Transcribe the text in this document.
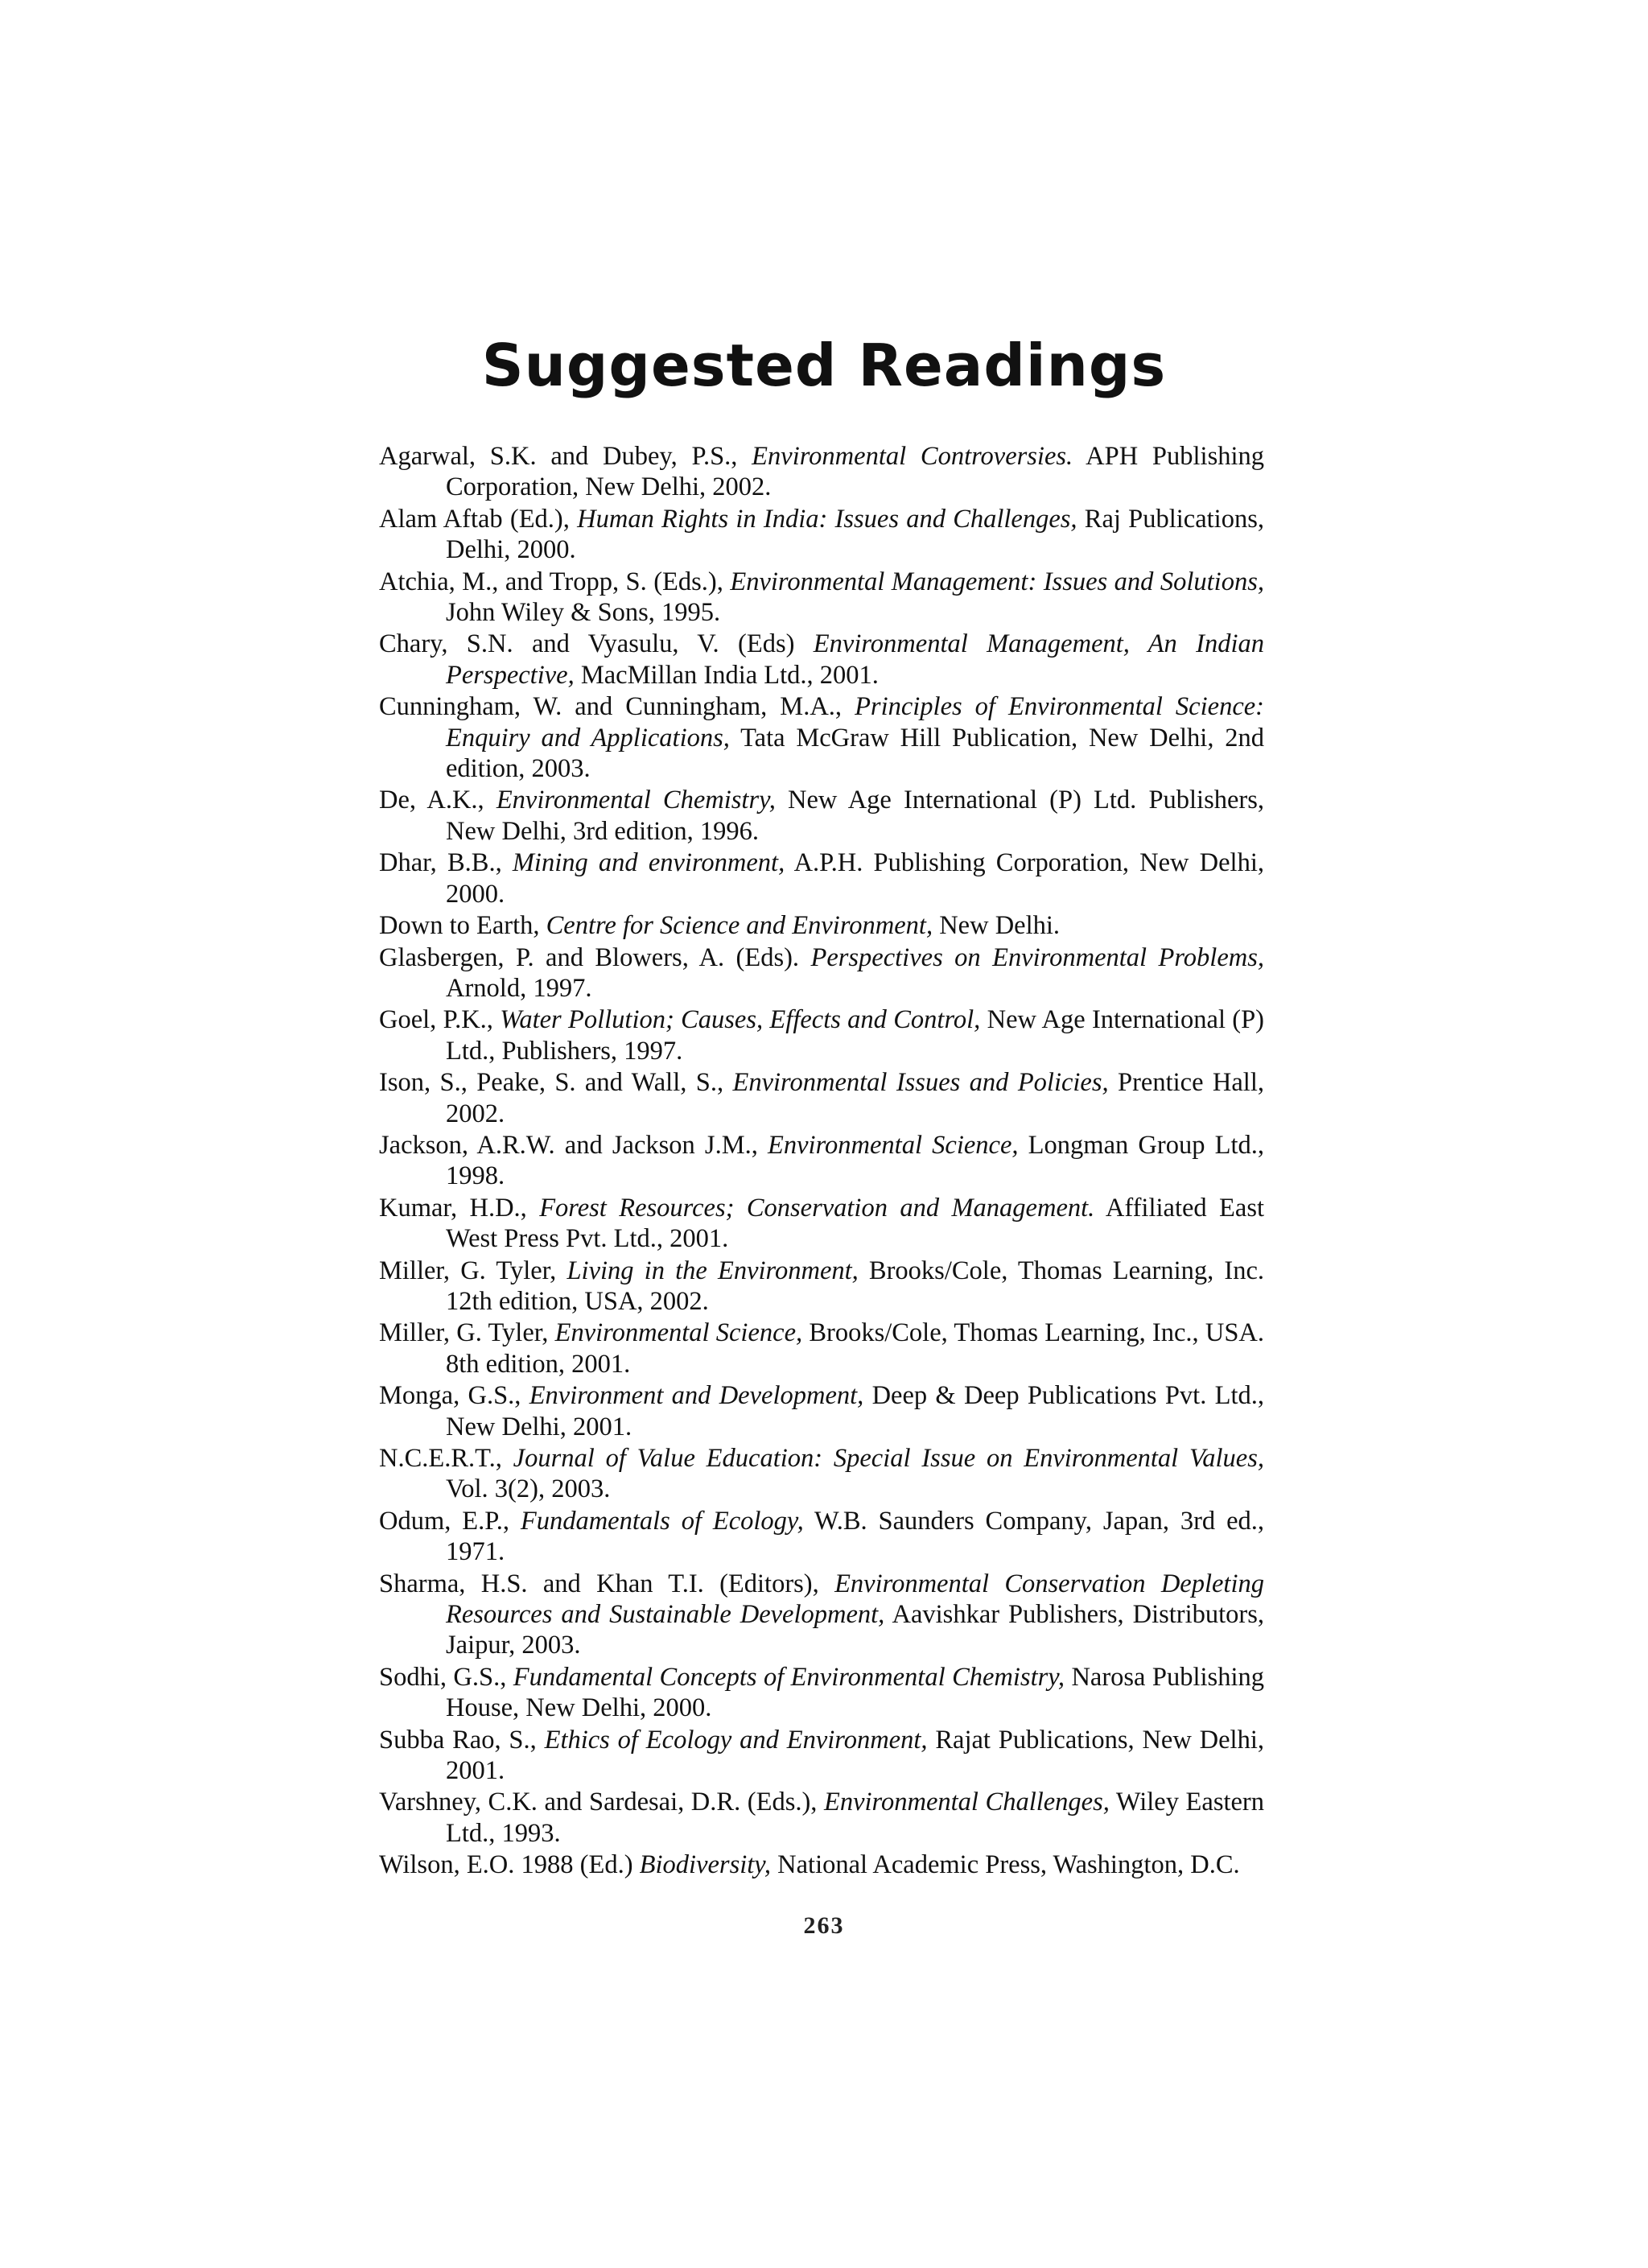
Suggested Readings
Agarwal, S.K. and Dubey, P.S., Environmental Controversies. APH Publishing Corporation, New Delhi, 2002.
Alam Aftab (Ed.), Human Rights in India: Issues and Challenges, Raj Publications, Delhi, 2000.
Atchia, M., and Tropp, S. (Eds.), Environmental Management: Issues and Solutions, John Wiley & Sons, 1995.
Chary, S.N. and Vyasulu, V. (Eds) Environmental Management, An Indian Perspective, MacMillan India Ltd., 2001.
Cunningham, W. and Cunningham, M.A., Principles of Environmental Science: Enquiry and Applications, Tata McGraw Hill Publication, New Delhi, 2nd edition, 2003.
De, A.K., Environmental Chemistry, New Age International (P) Ltd. Publishers, New Delhi, 3rd edition, 1996.
Dhar, B.B., Mining and environment, A.P.H. Publishing Corporation, New Delhi, 2000.
Down to Earth, Centre for Science and Environment, New Delhi.
Glasbergen, P. and Blowers, A. (Eds). Perspectives on Environmental Problems, Arnold, 1997.
Goel, P.K., Water Pollution; Causes, Effects and Control, New Age International (P) Ltd., Publishers, 1997.
Ison, S., Peake, S. and Wall, S., Environmental Issues and Policies, Prentice Hall, 2002.
Jackson, A.R.W. and Jackson J.M., Environmental Science, Longman Group Ltd., 1998.
Kumar, H.D., Forest Resources; Conservation and Management. Affiliated East West Press Pvt. Ltd., 2001.
Miller, G. Tyler, Living in the Environment, Brooks/Cole, Thomas Learning, Inc. 12th edition, USA, 2002.
Miller, G. Tyler, Environmental Science, Brooks/Cole, Thomas Learning, Inc., USA. 8th edition, 2001.
Monga, G.S., Environment and Development, Deep & Deep Publications Pvt. Ltd., New Delhi, 2001.
N.C.E.R.T., Journal of Value Education: Special Issue on Environmental Values, Vol. 3(2), 2003.
Odum, E.P., Fundamentals of Ecology, W.B. Saunders Company, Japan, 3rd ed., 1971.
Sharma, H.S. and Khan T.I. (Editors), Environmental Conservation Depleting Resources and Sustainable Development, Aavishkar Publishers, Distributors, Jaipur, 2003.
Sodhi, G.S., Fundamental Concepts of Environmental Chemistry, Narosa Publishing House, New Delhi, 2000.
Subba Rao, S., Ethics of Ecology and Environment, Rajat Publications, New Delhi, 2001.
Varshney, C.K. and Sardesai, D.R. (Eds.), Environmental Challenges, Wiley Eastern Ltd., 1993.
Wilson, E.O. 1988 (Ed.) Biodiversity, National Academic Press, Washington, D.C.
263
